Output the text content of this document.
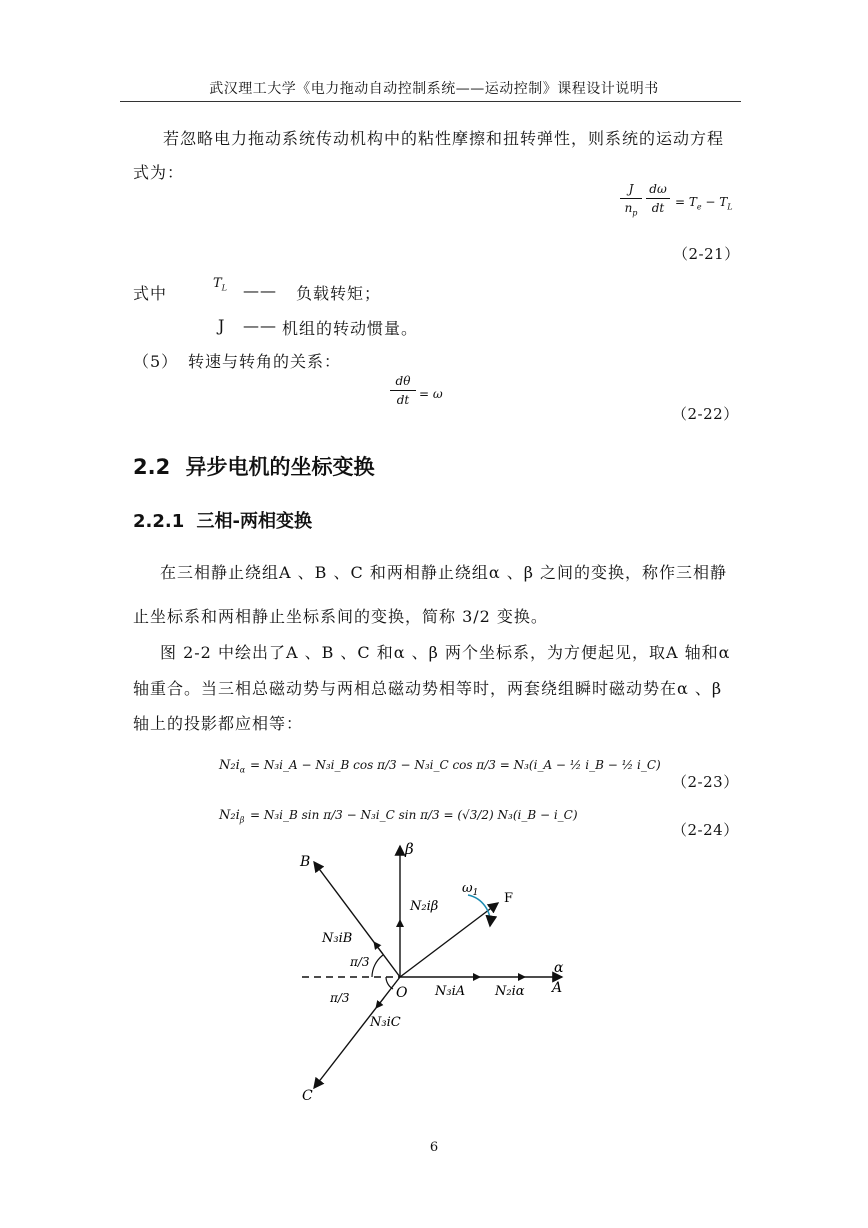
武汉理工大学《电力拖动自动控制系统——运动控制》课程设计说明书
若忽略电力拖动系统传动机构中的粘性摩擦和扭转弹性，则系统的运动方程
式为：
J
$n_p$
dω
dt = $T_e - T_L$
（2-21）
式中
$T_L$ —— 负载转矩；
J —— 机组的转动惯量。
（5） 转速与转角的关系：
dθ
dt = ω
（2-22）
2.2 异步电机的坐标变换
2.2.1 三相-两相变换
在三相静止绕组A 、B 、C 和两相静止绕组α 、β 之间的变换，称作三相静
止坐标系和两相静止坐标系间的变换，简称 3/2 变换。
图 2-2 中绘出了A 、B 、C 和α 、β 两个坐标系，为方便起见，取A 轴和α
轴重合。当三相总磁动势与两相总磁动势相等时，两套绕组瞬时磁动势在α 、β
轴上的投影都应相等：
$N_2i_\alpha$ = N₃i_A − N₃i_B cos π/3 − N₃i_C cos π/3 = N₃(i_A − ½ i_B − ½ i_C)
（2-23）
$N_2i_\beta$ = N₃i_B sin π/3 − N₃i_C sin π/3 = (√3/2) N₃(i_B − i_C)
（2-24）
B
β
$\omega_1$ F
N₂iβ
N₃iB
π/3	α
A
O N₃iA N₂iα
π/3
N₃iC
C
6
